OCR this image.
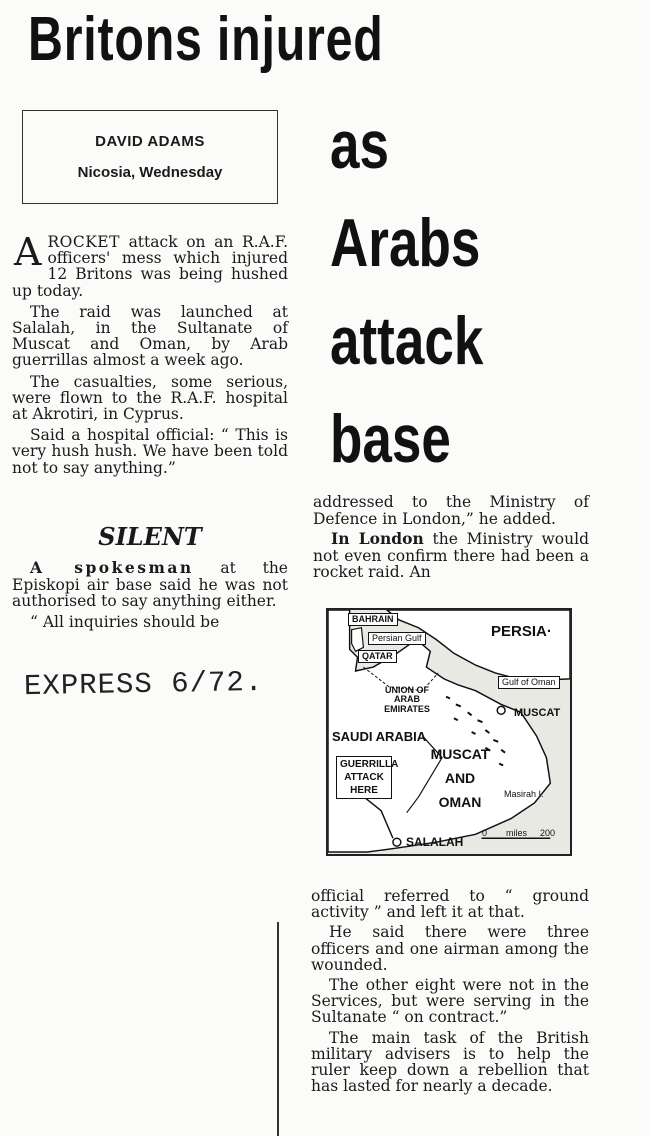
Britons injured
as
Arabs
attack
base
DAVID ADAMS
Nicosia, Wednesday

AROCKET attack on an R.A.F. officers' mess which injured 12 Britons was being hushed up today.

The raid was launched at Salalah, in the Sultanate of Muscat and Oman, by Arab guerrillas almost a week ago.

The casualties, some serious, were flown to the R.A.F. hospital at Akrotiri, in Cyprus.

Said a hospital official: “ This is very hush hush. We have been told not to say anything.”

SILENT

A spokesman at the Episkopi air base said he was not authorised to say anything either.

“ All inquiries should be

EXPRESS 6/72.

addressed to the Ministry of Defence in London,” he added.

In London the Ministry would not even confirm there had been a rocket raid. An

BAHRAIN
Persian Gulf
QATAR
PERSIA·
Gulf of Oman
UNION OF ARAB EMIRATES	MUSCAT
SAUDI ARABIA
MUSCAT AND OMAN
GUERRILLA ATTACK HERE	Masirah I.
SALALAH
0 miles 200

official referred to “ ground activity ” and left it at that.

He said there were three officers and one airman among the wounded.

The other eight were not in the Services, but were serving in the Sultanate “ on contract.”

The main task of the British military advisers is to help the ruler keep down a rebellion that has lasted for nearly a decade.
